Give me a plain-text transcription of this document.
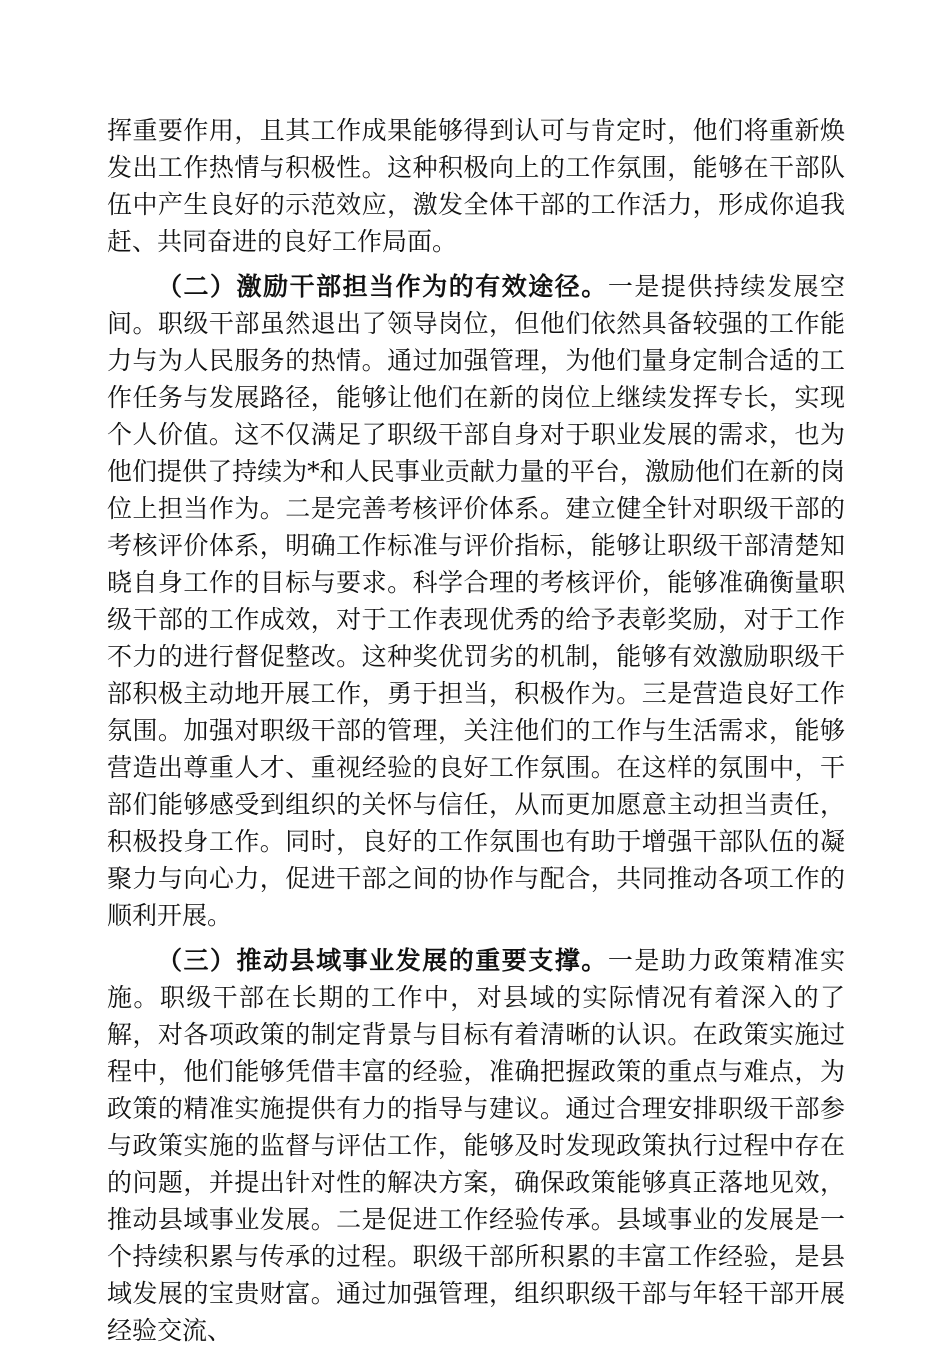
挥重要作用，且其工作成果能够得到认可与肯定时，他们将重新焕发出工作热情与积极性。这种积极向上的工作氛围，能够在干部队伍中产生良好的示范效应，激发全体干部的工作活力，形成你追我赶、共同奋进的良好工作局面。

（二）激励干部担当作为的有效途径。一是提供持续发展空间。职级干部虽然退出了领导岗位，但他们依然具备较强的工作能力与为人民服务的热情。通过加强管理，为他们量身定制合适的工作任务与发展路径，能够让他们在新的岗位上继续发挥专长，实现个人价值。这不仅满足了职级干部自身对于职业发展的需求，也为他们提供了持续为*和人民事业贡献力量的平台，激励他们在新的岗位上担当作为。二是完善考核评价体系。建立健全针对职级干部的考核评价体系，明确工作标准与评价指标，能够让职级干部清楚知晓自身工作的目标与要求。科学合理的考核评价，能够准确衡量职级干部的工作成效，对于工作表现优秀的给予表彰奖励，对于工作不力的进行督促整改。这种奖优罚劣的机制，能够有效激励职级干部积极主动地开展工作，勇于担当，积极作为。三是营造良好工作氛围。加强对职级干部的管理，关注他们的工作与生活需求，能够营造出尊重人才、重视经验的良好工作氛围。在这样的氛围中，干部们能够感受到组织的关怀与信任，从而更加愿意主动担当责任，积极投身工作。同时，良好的工作氛围也有助于增强干部队伍的凝聚力与向心力，促进干部之间的协作与配合，共同推动各项工作的顺利开展。

（三）推动县域事业发展的重要支撑。一是助力政策精准实施。职级干部在长期的工作中，对县域的实际情况有着深入的了解，对各项政策的制定背景与目标有着清晰的认识。在政策实施过程中，他们能够凭借丰富的经验，准确把握政策的重点与难点，为政策的精准实施提供有力的指导与建议。通过合理安排职级干部参与政策实施的监督与评估工作，能够及时发现政策执行过程中存在的问题，并提出针对性的解决方案，确保政策能够真正落地见效，推动县域事业发展。二是促进工作经验传承。县域事业的发展是一个持续积累与传承的过程。职级干部所积累的丰富工作经验，是县域发展的宝贵财富。通过加强管理，组织职级干部与年轻干部开展经验交流、
